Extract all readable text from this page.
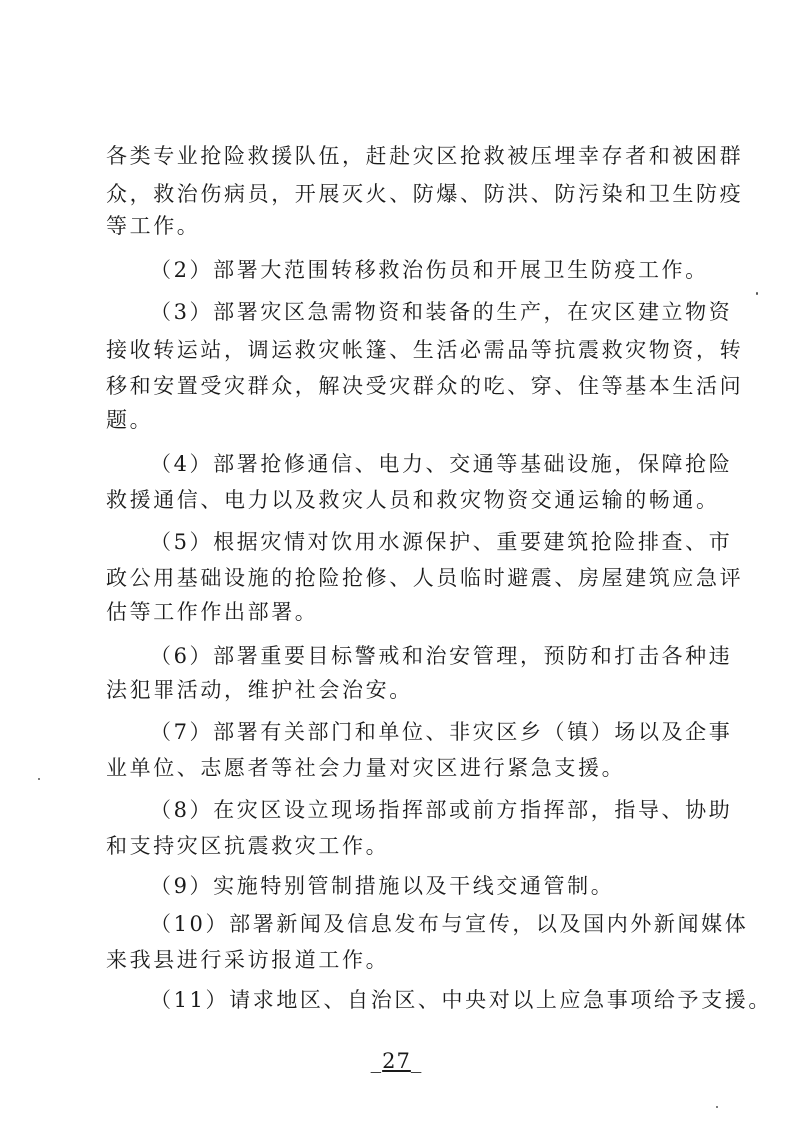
各类专业抢险救援队伍，赶赴灾区抢救被压埋幸存者和被困群
众，救治伤病员，开展灭火、防爆、防洪、防污染和卫生防疫
等工作。
（2）部署大范围转移救治伤员和开展卫生防疫工作。
（3）部署灾区急需物资和装备的生产，在灾区建立物资
接收转运站，调运救灾帐篷、生活必需品等抗震救灾物资，转
移和安置受灾群众，解决受灾群众的吃、穿、住等基本生活问
题。
（4）部署抢修通信、电力、交通等基础设施，保障抢险
救援通信、电力以及救灾人员和救灾物资交通运输的畅通。
（5）根据灾情对饮用水源保护、重要建筑抢险排查、市
政公用基础设施的抢险抢修、人员临时避震、房屋建筑应急评
估等工作作出部署。
（6）部署重要目标警戒和治安管理，预防和打击各种违
法犯罪活动，维护社会治安。
（7）部署有关部门和单位、非灾区乡（镇）场以及企事
业单位、志愿者等社会力量对灾区进行紧急支援。
（8）在灾区设立现场指挥部或前方指挥部，指导、协助
和支持灾区抗震救灾工作。
（9）实施特别管制措施以及干线交通管制。
（10）部署新闻及信息发布与宣传，以及国内外新闻媒体
来我县进行采访报道工作。
（11）请求地区、自治区、中央对以上应急事项给予支援。
_27_
